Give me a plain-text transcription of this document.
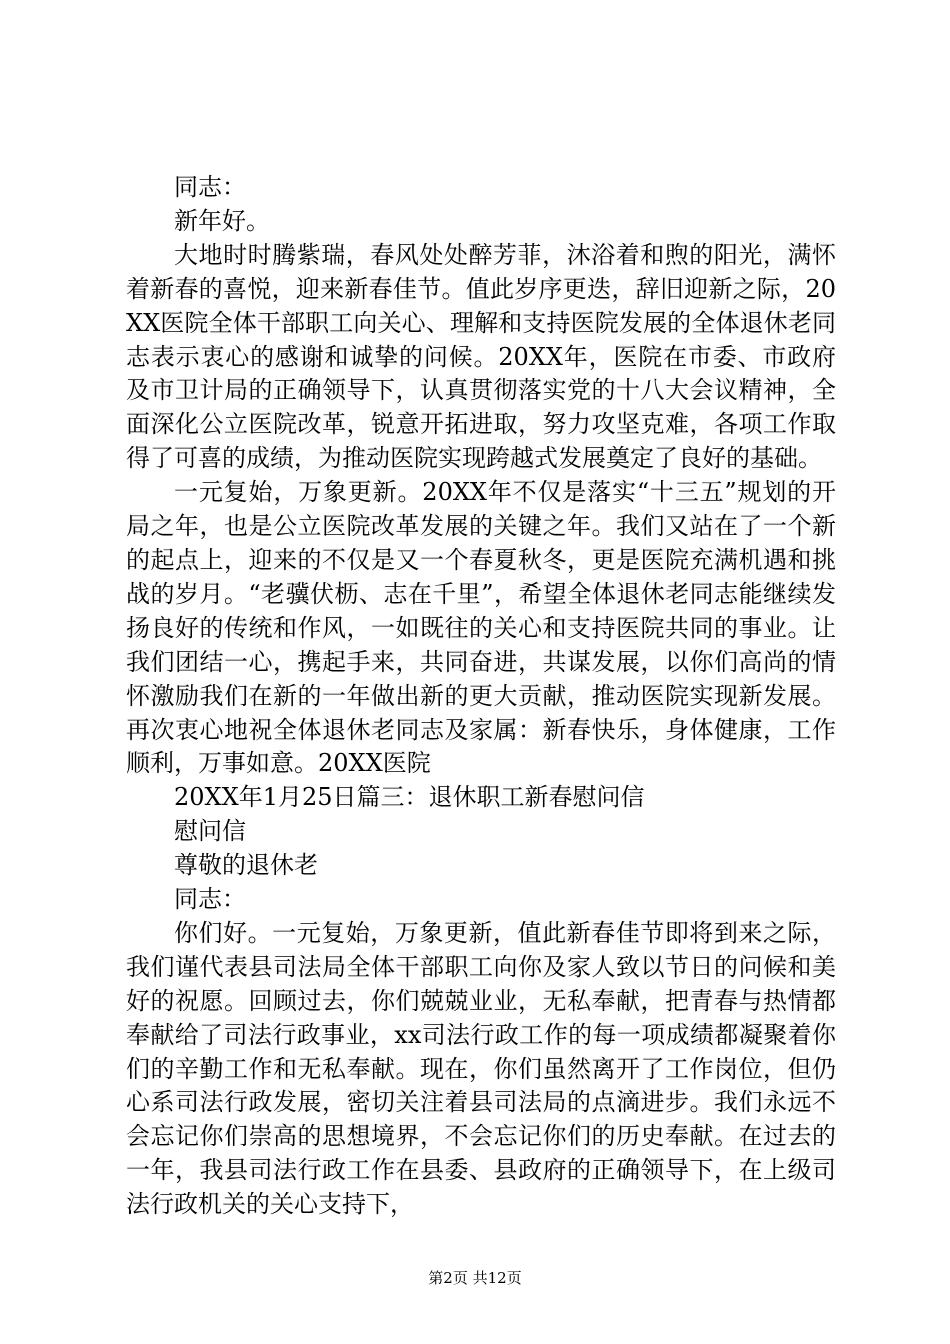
同志：

新年好。

大地时时腾紫瑞，春风处处醉芳菲，沐浴着和煦的阳光，满怀着新春的喜悦，迎来新春佳节。值此岁序更迭，辞旧迎新之际，20XX医院全体干部职工向关心、理解和支持医院发展的全体退休老同志表示衷心的感谢和诚挚的问候。20XX年，医院在市委、市政府及市卫计局的正确领导下，认真贯彻落实党的十八大会议精神，全面深化公立医院改革，锐意开拓进取，努力攻坚克难，各项工作取得了可喜的成绩，为推动医院实现跨越式发展奠定了良好的基础。

一元复始，万象更新。20XX年不仅是落实“十三五”规划的开局之年，也是公立医院改革发展的关键之年。我们又站在了一个新的起点上，迎来的不仅是又一个春夏秋冬，更是医院充满机遇和挑战的岁月。“老骥伏枥、志在千里”，希望全体退休老同志能继续发扬良好的传统和作风，一如既往的关心和支持医院共同的事业。让我们团结一心，携起手来，共同奋进，共谋发展，以你们高尚的情怀激励我们在新的一年做出新的更大贡献，推动医院实现新发展。再次衷心地祝全体退休老同志及家属：新春快乐，身体健康，工作顺利，万事如意。20XX医院

20XX年1月25日篇三：退休职工新春慰问信

慰问信

尊敬的退休老

同志：

你们好。一元复始，万象更新，值此新春佳节即将到来之际，我们谨代表县司法局全体干部职工向你及家人致以节日的问候和美好的祝愿。回顾过去，你们兢兢业业，无私奉献，把青春与热情都奉献给了司法行政事业，xx司法行政工作的每一项成绩都凝聚着你们的辛勤工作和无私奉献。现在，你们虽然离开了工作岗位，但仍心系司法行政发展，密切关注着县司法局的点滴进步。我们永远不会忘记你们崇高的思想境界，不会忘记你们的历史奉献。在过去的一年，我县司法行政工作在县委、县政府的正确领导下，在上级司法行政机关的关心支持下，

第2页 共12页
